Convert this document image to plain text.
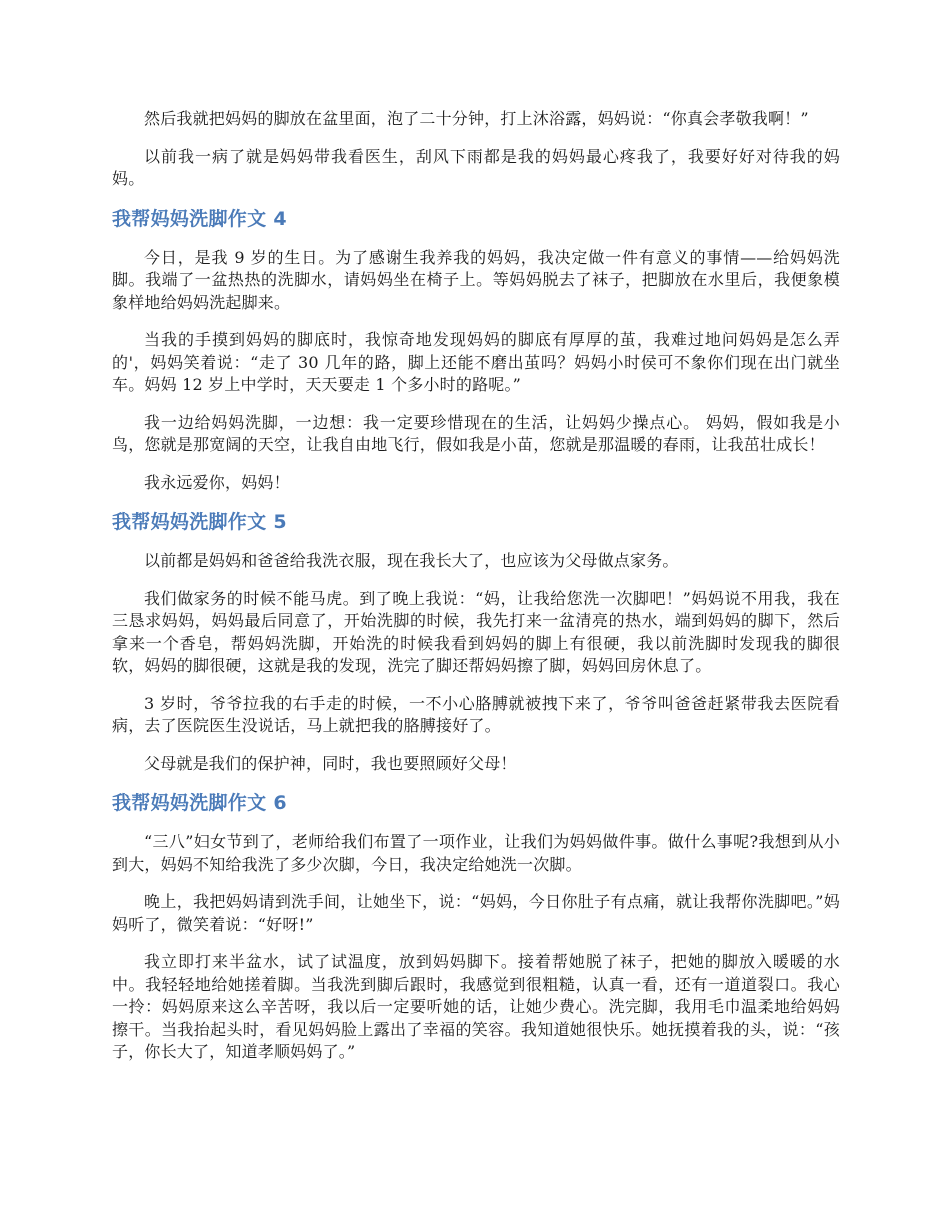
然后我就把妈妈的脚放在盆里面，泡了二十分钟，打上沐浴露，妈妈说：“你真会孝敬我啊！”

以前我一病了就是妈妈带我看医生，刮风下雨都是我的妈妈最心疼我了，我要好好对待我的妈妈。

我帮妈妈洗脚作文 4

今日，是我 9 岁的生日。为了感谢生我养我的妈妈，我决定做一件有意义的事情——给妈妈洗脚。我端了一盆热热的洗脚水，请妈妈坐在椅子上。等妈妈脱去了袜子，把脚放在水里后，我便象模象样地给妈妈洗起脚来。

当我的手摸到妈妈的脚底时，我惊奇地发现妈妈的脚底有厚厚的茧，我难过地问妈妈是怎么弄的'，妈妈笑着说：“走了 30 几年的路，脚上还能不磨出茧吗？妈妈小时侯可不象你们现在出门就坐车。妈妈 12 岁上中学时，天天要走 1 个多小时的路呢。”

我一边给妈妈洗脚，一边想：我一定要珍惜现在的生活，让妈妈少操点心。 妈妈，假如我是小鸟，您就是那宽阔的天空，让我自由地飞行，假如我是小苗，您就是那温暖的春雨，让我茁壮成长！

我永远爱你，妈妈！

我帮妈妈洗脚作文 5

以前都是妈妈和爸爸给我洗衣服，现在我长大了，也应该为父母做点家务。

我们做家务的时候不能马虎。到了晚上我说：“妈，让我给您洗一次脚吧！”妈妈说不用我，我在三恳求妈妈，妈妈最后同意了，开始洗脚的时候，我先打来一盆清亮的热水，端到妈妈的脚下，然后拿来一个香皂，帮妈妈洗脚，开始洗的时候我看到妈妈的脚上有很硬，我以前洗脚时发现我的脚很软，妈妈的脚很硬，这就是我的发现，洗完了脚还帮妈妈擦了脚，妈妈回房休息了。

3 岁时，爷爷拉我的右手走的时候，一不小心胳膊就被拽下来了，爷爷叫爸爸赶紧带我去医院看病，去了医院医生没说话，马上就把我的胳膊接好了。

父母就是我们的保护神，同时，我也要照顾好父母！

我帮妈妈洗脚作文 6

“三八”妇女节到了，老师给我们布置了一项作业，让我们为妈妈做件事。做什么事呢?我想到从小到大，妈妈不知给我洗了多少次脚，今日，我决定给她洗一次脚。

晚上，我把妈妈请到洗手间，让她坐下，说：“妈妈，今日你肚子有点痛，就让我帮你洗脚吧。”妈妈听了，微笑着说：“好呀!”

我立即打来半盆水，试了试温度，放到妈妈脚下。接着帮她脱了袜子，把她的脚放入暖暖的水中。我轻轻地给她搓着脚。当我洗到脚后跟时，我感觉到很粗糙，认真一看，还有一道道裂口。我心一拎：妈妈原来这么辛苦呀，我以后一定要听她的话，让她少费心。洗完脚，我用毛巾温柔地给妈妈擦干。当我抬起头时，看见妈妈脸上露出了幸福的笑容。我知道她很快乐。她抚摸着我的头，说：“孩子，你长大了，知道孝顺妈妈了。”
